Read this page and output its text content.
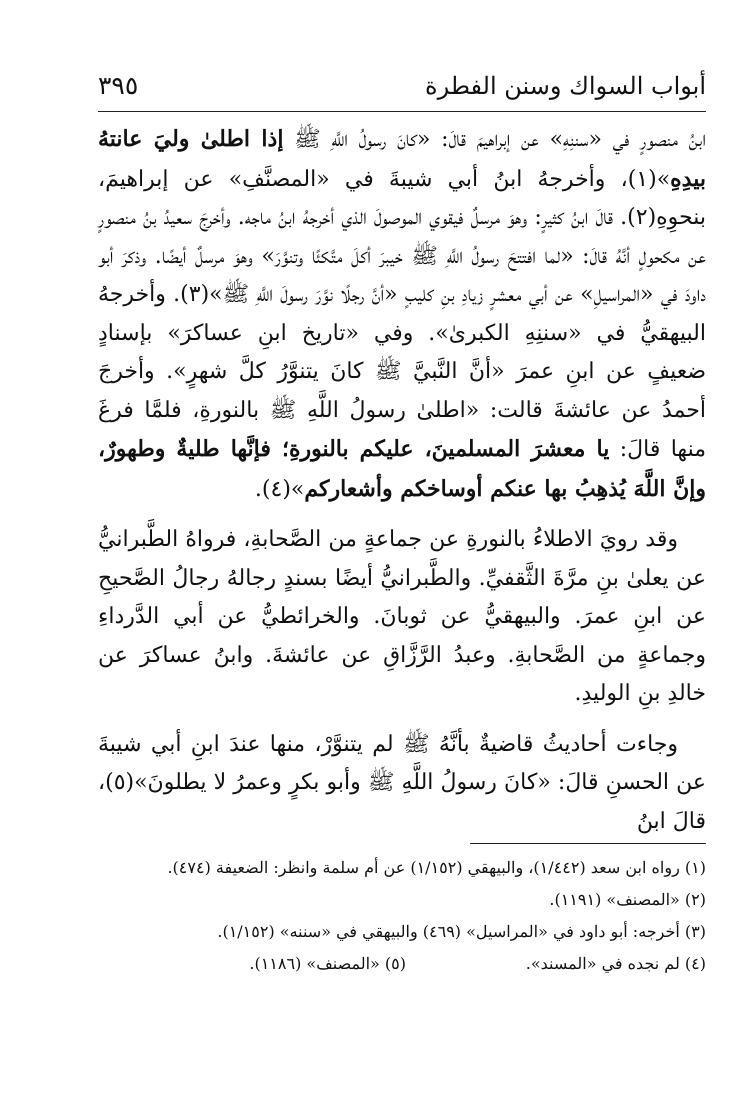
أبواب السواك وسنن الفطرة
٣٩٥

ابنُ منصورٍ في «سننِهِ» عن إبراهيمَ قالَ: «كانَ رسولُ اللَّهِ ﷺ إذا اطلىٰ وليَ عانتهُ بيدِهِ»(١)، وأخرجهُ ابنُ أبي شيبةَ في «المصنَّفِ» عن إبراهيمَ، بنحوِهِ(٢). قالَ ابنُ كثيرٍ: وهوَ مرسلٌ فيقوي الموصولَ الذي أخرجهُ ابنُ ماجه. وأخرجَ سعيدُ بنُ منصورٍ عن مكحولٍ أنَّهُ قالَ: «لما افتتحَ رسولُ اللَّهِ ﷺ خيبرَ أكلَ متَّكئًا وتنوَّرَ» وهوَ مرسلٌ أيضًا. وذكرَ أبو داودَ في «المراسيلِ» عن أبي معشرٍ زيادِ بنِ كليبٍ «أنَّ رجلًا نوَّرَ رسولَ اللَّهِ ﷺ»(٣). وأخرجهُ البيهقيُّ في «سننِهِ الكبرىٰ». وفي «تاريخ ابنِ عساكرَ» بإسنادٍ ضعيفٍ عن ابنِ عمرَ «أنَّ النَّبيَّ ﷺ كانَ يتنوَّرُ كلَّ شهرٍ». وأخرجَ أحمدُ عن عائشةَ قالت: «اطلىٰ رسولُ اللَّهِ ﷺ بالنورةِ، فلمَّا فرغَ منها قالَ: يا معشرَ المسلمينَ، عليكم بالنورةِ؛ فإنَّها طليةٌ وطهورٌ، وإنَّ اللَّهَ يُذهِبُ بها عنكم أوساخكم وأشعاركم»(٤).

وقد رويَ الاطلاءُ بالنورةِ عن جماعةٍ من الصَّحابةِ، فرواهُ الطَّبرانيُّ عن يعلىٰ بنِ مرَّةَ الثَّقفيِّ. والطَّبرانيُّ أيضًا بسندٍ رجالهُ رجالُ الصَّحيحِ عن ابنِ عمرَ. والبيهقيُّ عن ثوبانَ. والخرائطيُّ عن أبي الدَّرداءِ وجماعةٍ من الصَّحابةِ. وعبدُ الرَّزَّاقِ عن عائشةَ. وابنُ عساكرَ عن خالدِ بنِ الوليدِ.

وجاءت أحاديثُ قاضيةٌ بأنَّهُ ﷺ لم يتنوَّرْ، منها عندَ ابنِ أبي شيبةَ عن الحسنِ قالَ: «كانَ رسولُ اللَّهِ ﷺ وأبو بكرٍ وعمرُ لا يطلونَ»(٥)، قالَ ابنُ

(١) رواه ابن سعد (١/٤٤٢)، والبيهقي (١/١٥٢) عن أم سلمة وانظر: الضعيفة (٤٧٤).

(٢) «المصنف» (١١٩١).

(٣) أخرجه: أبو داود في «المراسيل» (٤٦٩) والبيهقي في «سننه» (١/١٥٢).

(٤) لم نجده في «المسند».
(٥) «المصنف» (١١٨٦).
